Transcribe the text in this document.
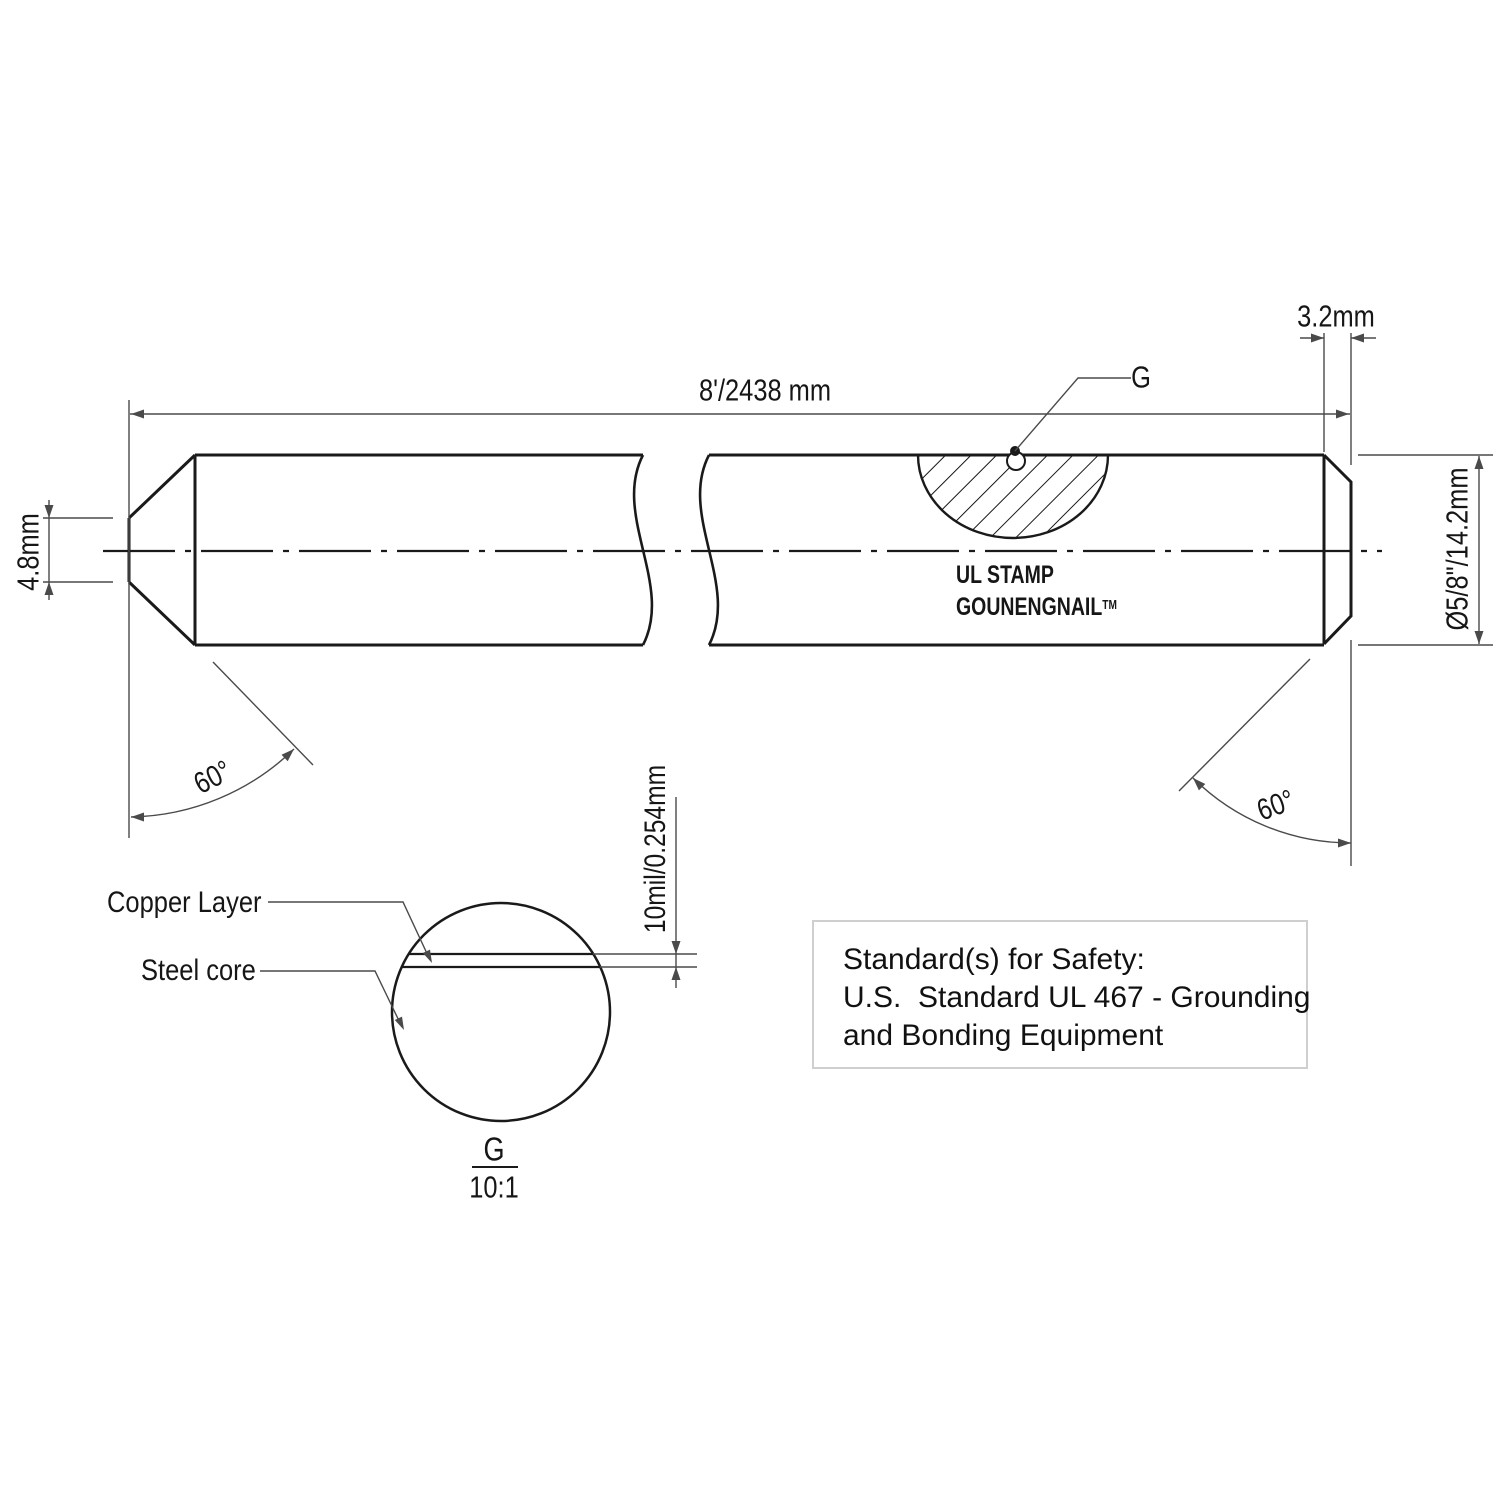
8'/2438 mm
3.2mm
Ø5/8"/14.2mm
4.8mm
60°
60°
G
UL STAMP
GOUNENGNAIL™
Copper Layer
Steel core
10mil/0.254mm
G
10:1
Standard(s) for Safety:
U.S.  Standard UL 467 - Grounding
and Bonding Equipment
